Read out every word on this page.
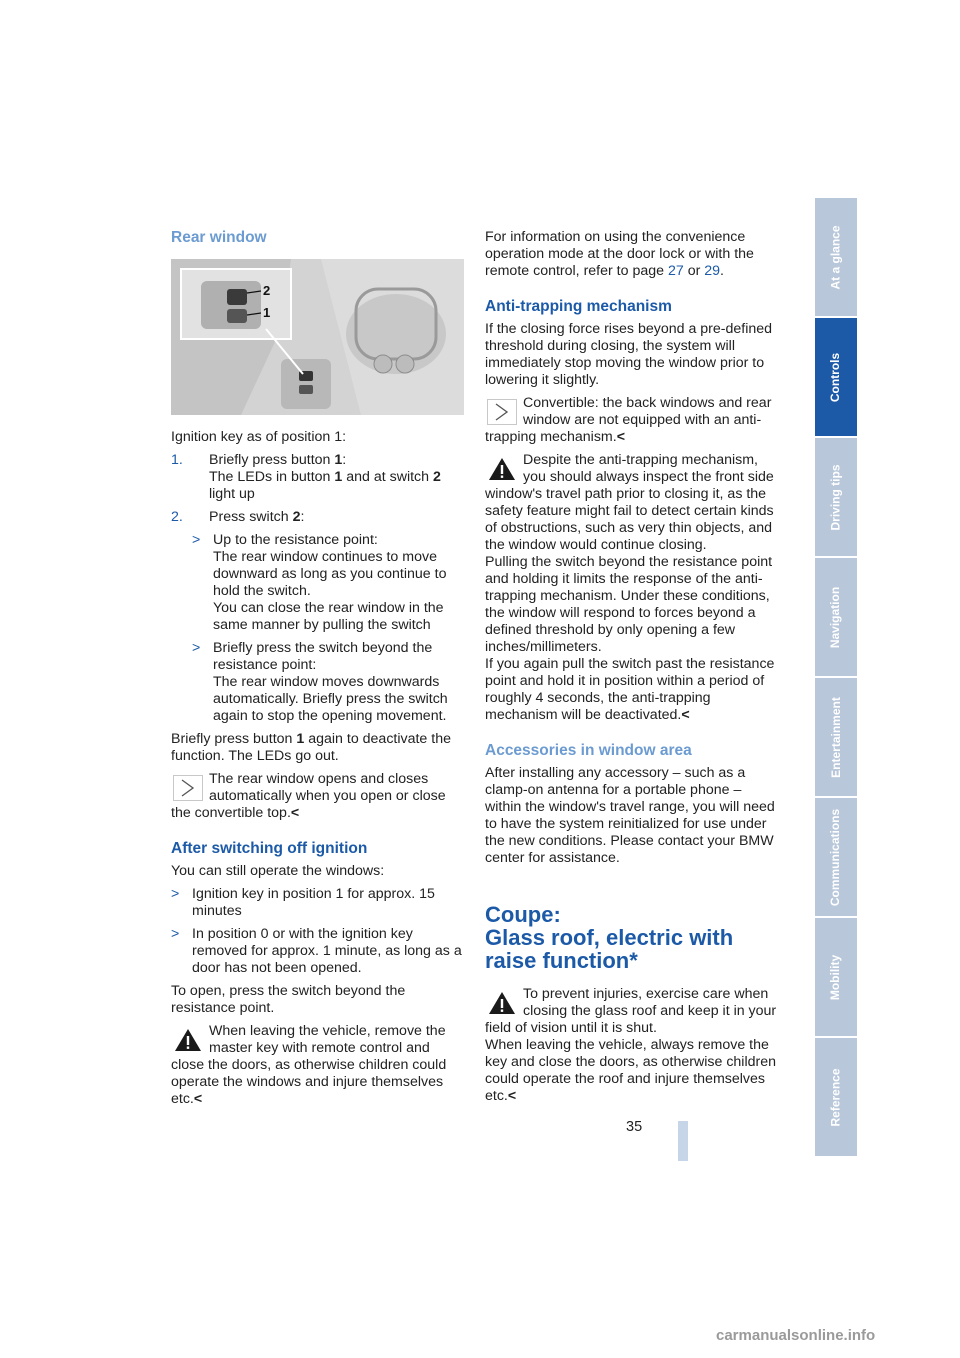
Rear window
2
1

Ignition key as of position 1:

1. Briefly press button 1:
The LEDs in button 1 and at switch 2
light up
2. Press switch 2:
> Up to the resistance point:
The rear window continues to move downward as long as you continue to hold the switch.
You can close the rear window in the same manner by pulling the switch
> Briefly press the switch beyond the resistance point:
The rear window moves downwards automatically. Briefly press the switch again to stop the opening movement.

Briefly press button 1 again to deactivate the function. The LEDs go out.

The rear window opens and closes automatically when you open or close the convertible top.<
After switching off ignition

You can still operate the windows:

> Ignition key in position 1 for approx. 15 minutes
> In position 0 or with the ignition key removed for approx. 1 minute, as long as a door has not been opened.

To open, press the switch beyond the resistance point.

When leaving the vehicle, remove the master key with remote control and close the doors, as otherwise children could operate the windows and injure themselves etc.<

For information on using the convenience operation mode at the door lock or with the remote control, refer to page 27 or 29.

Anti-trapping mechanism

If the closing force rises beyond a pre-defined threshold during closing, the system will immediately stop moving the window prior to lowering it slightly.

Convertible: the back windows and rear window are not equipped with an anti-trapping mechanism.<
Despite the anti-trapping mechanism, you should always inspect the front side window's travel path prior to closing it, as the safety feature might fail to detect certain kinds of obstructions, such as very thin objects, and the window would continue closing.
Pulling the switch beyond the resistance point and holding it limits the response of the anti-trapping mechanism. Under these conditions, the window will respond to forces beyond a defined threshold by only opening a few inches/millimeters.
If you again pull the switch past the resistance point and hold it in position within a period of roughly 4 seconds, the anti-trapping mechanism will be deactivated.<
Accessories in window area

After installing any accessory – such as a clamp-on antenna for a portable phone – within the window's travel range, you will need to have the system reinitialized for use under the new conditions. Please contact your BMW center for assistance.

Coupe:
Glass roof, electric with
raise function*
To prevent injuries, exercise care when closing the glass roof and keep it in your field of vision until it is shut.
When leaving the vehicle, always remove the key and close the doors, as otherwise children could operate the roof and injure themselves etc.<
At a glance
Controls
Driving tips
Navigation
Entertainment
Communications
Mobility
Reference
35
carmanualsonline.info
